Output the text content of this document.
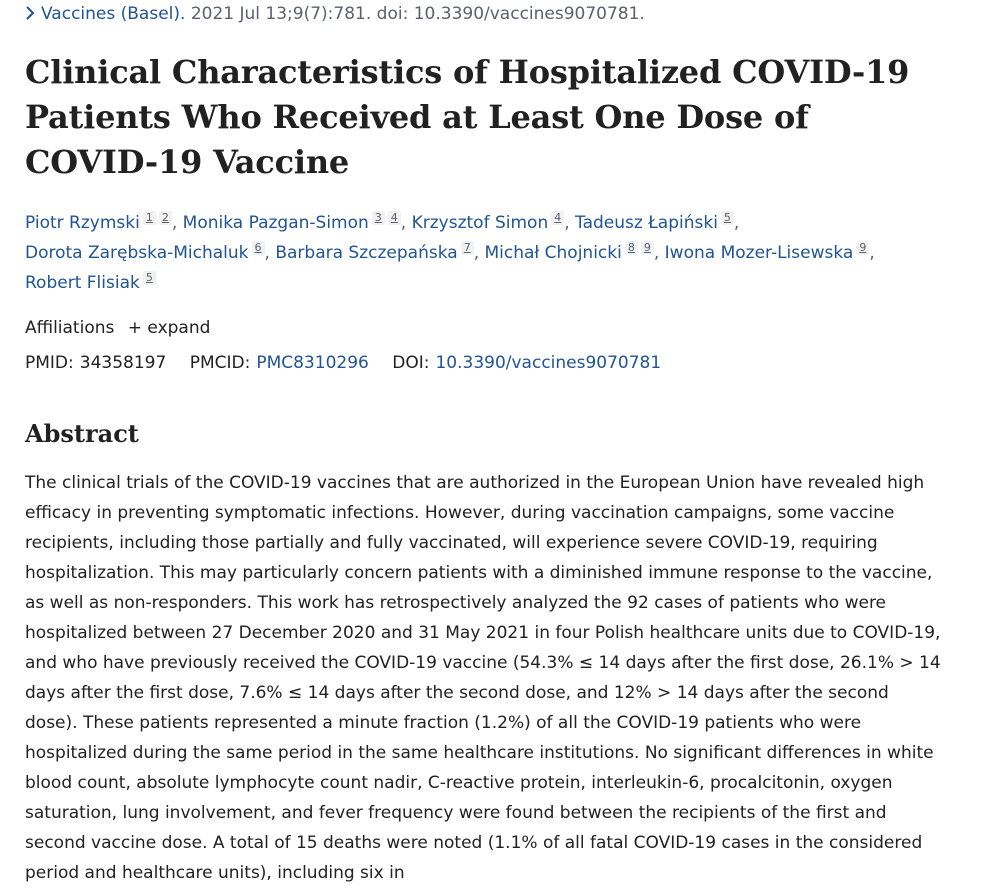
Vaccines (Basel). 2021 Jul 13;9(7):781. doi: 10.3390/vaccines9070781.
Clinical Characteristics of Hospitalized COVID-19 Patients Who Received at Least One Dose of COVID-19 Vaccine
Piotr Rzymski 1 2 , Monika Pazgan-Simon 3 4 , Krzysztof Simon 4 , Tadeusz Łapiński 5 , Dorota Zarębska-Michaluk 6 , Barbara Szczepańska 7 , Michał Chojnicki 8 9 , Iwona Mozer-Lisewska 9 , Robert Flisiak 5
Affiliations + expand
PMID: 34358197 PMCID: PMC8310296 DOI: 10.3390/vaccines9070781
Abstract

The clinical trials of the COVID-19 vaccines that are authorized in the European Union have revealed high efficacy in preventing symptomatic infections. However, during vaccination campaigns, some vaccine recipients, including those partially and fully vaccinated, will experience severe COVID-19, requiring hospitalization. This may particularly concern patients with a diminished immune response to the vaccine, as well as non-responders. This work has retrospectively analyzed the 92 cases of patients who were hospitalized between 27 December 2020 and 31 May 2021 in four Polish healthcare units due to COVID-19, and who have previously received the COVID-19 vaccine (54.3% ≤ 14 days after the first dose, 26.1% > 14 days after the first dose, 7.6% ≤ 14 days after the second dose, and 12% > 14 days after the second dose). These patients represented a minute fraction (1.2%) of all the COVID-19 patients who were hospitalized during the same period in the same healthcare institutions. No significant differences in white blood count, absolute lymphocyte count nadir, C-reactive protein, interleukin-6, procalcitonin, oxygen saturation, lung involvement, and fever frequency were found between the recipients of the first and second vaccine dose. A total of 15 deaths were noted (1.1% of all fatal COVID-19 cases in the considered period and healthcare units), including six in
